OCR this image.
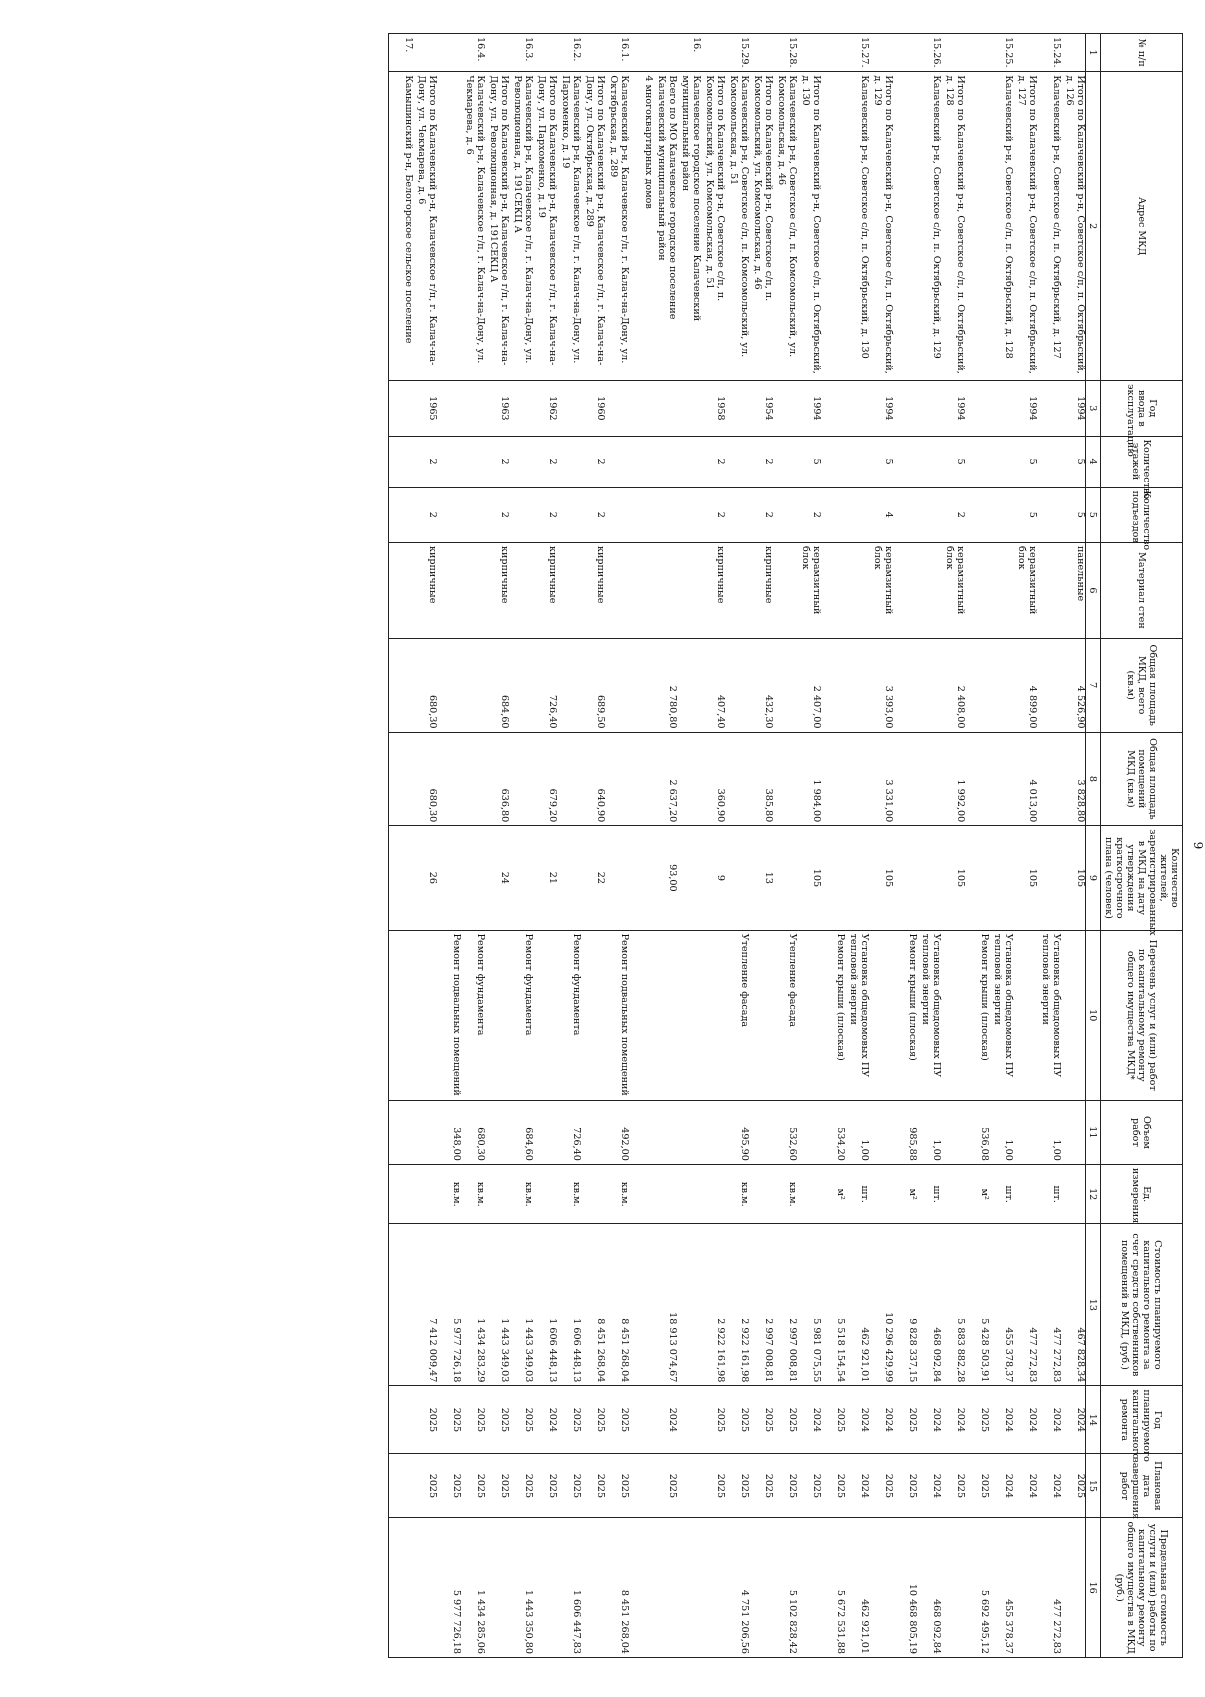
9
№ п/п	Адрес МКД	Год ввода в эксплуатацию	Количество этажей	Количество подъездов	Материал стен	Общая площадь МКД, всего (кв.м)	Общая площадь помещений МКД (кв.м)	Количество жителей, зарегистрированных в МКД на дату утверждения краткосрочного плана (человек)	Перечень услуг и (или) работ по капитальному ремонту общего имущества МКД*	Объем работ	Ед. измерения	Стоимость планируемого капитального ремонта за счет средств собственников помещений в МКД, (руб.)	Год планируемого капитального ремонта	Плановая дата завершения работ	Предельная стоимость услуги и (или) работы по капитальному ремонту общего имущества в МКД (руб.)
1	2	3	4	5	6	7	8	9	10	11	12	13	14	15	16
	Итого по Калачевский р-н, Советское с/п, п. Октябрьский, д. 126	1994	5	5	панельные	4 526,90	3 828,80	105				467 828,34	2024	2025	
15.24.	Калачевский р-н, Советское с/п, п. Октябрьский, д. 127								Установка общедомовых ПУ тепловой энергии	1,00	шт.	477 272,83	2024	2024	477 272,83
	Итого по Калачевский р-н, Советское с/п, п. Октябрьский, д. 127	1994	5	5	керамзитный блок	4 899,00	4 013,00	105				477 272,83	2024	2024	
15.25.	Калачевский р-н, Советское с/п, п. Октябрьский, д. 128								Установка общедомовых ПУ тепловой энергии	1,00	шт.	455 378,37	2024	2024	455 378,37
									Ремонт крыши (плоская)	536,08	м²	5 428 503,91	2025	2025	5 692 495,12
	Итого по Калачевский р-н, Советское с/п, п. Октябрьский, д. 128	1994	5	2	керамзитный блок	2 408,00	1 992,00	105				5 883 882,28	2024	2025	
15.26.	Калачевский р-н, Советское с/п, п. Октябрьский, д. 129								Установка общедомовых ПУ тепловой энергии	1,00	шт.	468 092,84	2024	2024	468 092,84
									Ремонт крыши (плоская)	985,88	м²	9 828 337,15	2025	2025	10 468 805,19
	Итого по Калачевский р-н, Советское с/п, п. Октябрьский, д. 129	1994	5	4	керамзитный блок	3 393,00	3 331,00	105				10 296 429,99	2024	2025	
15.27.	Калачевский р-н, Советское с/п, п. Октябрьский, д. 130								Установка общедомовых ПУ тепловой энергии	1,00	шт.	462 921,01	2024	2024	462 921,01
									Ремонт крыши (плоская)	534,20	м²	5 518 154,54	2025	2025	5 672 531,88
	Итого по Калачевский р-н, Советское с/п, п. Октябрьский, д. 130	1994	5	2	керамзитный блок	2 407,00	1 984,00	105				5 981 075,55	2024	2025	
15.28.	Калачевский р-н, Советское с/п, п. Комсомольский, ул. Комсомольская, д. 46								Утепление фасада	532,60	кв.м.	2 997 008,81	2025	2025	5 102 828,42
	Итого по Калачевский р-н, Советское с/п, п. Комсомольский, ул. Комсомольская, д. 46	1954	2	2	кирпичные	432,30	385,80	13				2 997 008,81	2025	2025	
15.29.	Калачевский р-н, Советское с/п, п. Комсомольский, ул. Комсомольская, д. 51								Утепление фасада	495,90	кв.м.	2 922 161,98	2025	2025	4 751 206,56
	Итого по Калачевский р-н, Советское с/п, п. Комсомольский, ул. Комсомольская, д. 51	1958	2	2	кирпичные	407,40	360,90	9				2 922 161,98	2025	2025	
16.	Калачевское городское поселение Калачевский муниципальный район														
	Всего по МО Калачевское городское поселение Калачевский муниципальный район					2 780,80	2 637,20	93,00				18 913 074,67	2024	2025	
	4 многоквартирных домов														
16.1.	Калачевский р-н, Калачевское г/п, г. Калач-на-Дону, ул. Октябрьская, д. 289								Ремонт подвальных помещений	492,00	кв.м.	8 451 268,04	2025	2025	8 451 268,04
	Итого по Калачевский р-н, Калачевское г/п, г. Калач-на-Дону, ул. Октябрьская, д. 289	1960	2	2	кирпичные	689,50	640,90	22				8 451 268,04	2025	2025	
16.2.	Калачевский р-н, Калачевское г/п, г. Калач-на-Дону, ул. Пархоменко, д. 19								Ремонт фундамента	726,40	кв.м.	1 606 448,13	2025	2025	1 606 447,83
	Итого по Калачевский р-н, Калачевское г/п, г. Калач-на-Дону, ул. Пархоменко, д. 19	1962	2	2	кирпичные	726,40	679,20	21				1 606 448,13	2024	2025	
16.3.	Калачевский р-н, Калачевское г/п, г. Калач-на-Дону, ул. Революционная, д. 191СЕКЦ А								Ремонт фундамента	684,60	кв.м.	1 443 349,03	2025	2025	1 443 350,80
	Итого по Калачевский р-н, Калачевское г/п, г. Калач-на-Дону, ул. Революционная, д. 191СЕКЦ А	1963	2	2	кирпичные	684,60	636,80	24				1 443 349,03	2025	2025	
16.4.	Калачевский р-н, Калачевское г/п, г. Калач-на-Дону, ул. Чекмарева, д. 6								Ремонт фундамента	680,30	кв.м.	1 434 283,29	2025	2025	1 434 285,06
									Ремонт подвальных помещений	348,00	кв.м.	5 977 726,18	2025	2025	5 977 726,18
	Итого по Калачевский р-н, Калачевское г/п, г. Калач-на-Дону, ул. Чекмарева, д. 6	1965	2	2	кирпичные	680,30	680,30	26				7 412 009,47	2025	2025	
17.	Камышинский р-н, Белогорское сельское поселение														
